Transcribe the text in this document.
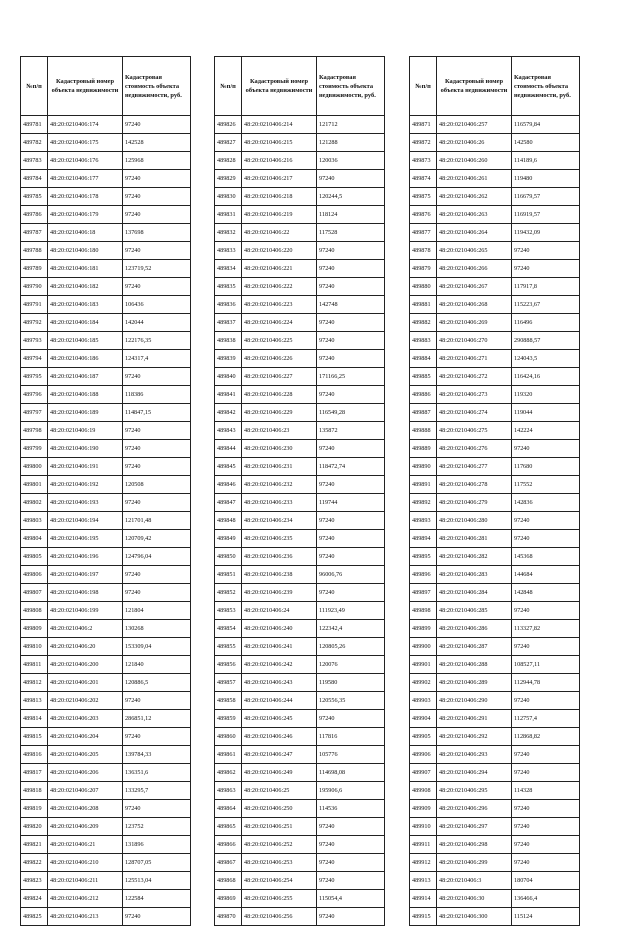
№п/п	Кадастровый номер объекта недвижимости	Кадастровая стоимость объекта недвижимости, руб.
489781	48:20:0210406:174	97240
489782	48:20:0210406:175	142528
489783	48:20:0210406:176	125968
489784	48:20:0210406:177	97240
489785	48:20:0210406:178	97240
489786	48:20:0210406:179	97240
489787	48:20:0210406:18	137698
489788	48:20:0210406:180	97240
489789	48:20:0210406:181	123719,52
489790	48:20:0210406:182	97240
489791	48:20:0210406:183	106436
489792	48:20:0210406:184	142044
489793	48:20:0210406:185	122176,35
489794	48:20:0210406:186	124317,4
489795	48:20:0210406:187	97240
489796	48:20:0210406:188	118386
489797	48:20:0210406:189	114847,15
489798	48:20:0210406:19	97240
489799	48:20:0210406:190	97240
489800	48:20:0210406:191	97240
489801	48:20:0210406:192	120508
489802	48:20:0210406:193	97240
489803	48:20:0210406:194	121701,48
489804	48:20:0210406:195	120709,42
489805	48:20:0210406:196	124796,04
489806	48:20:0210406:197	97240
489807	48:20:0210406:198	97240
489808	48:20:0210406:199	121804
489809	48:20:0210406:2	130268
489810	48:20:0210406:20	153309,04
489811	48:20:0210406:200	121840
489812	48:20:0210406:201	120886,5
489813	48:20:0210406:202	97240
489814	48:20:0210406:203	286851,12
489815	48:20:0210406:204	97240
489816	48:20:0210406:205	139784,33
489817	48:20:0210406:206	136351,6
489818	48:20:0210406:207	133295,7
489819	48:20:0210406:208	97240
489820	48:20:0210406:209	123752
489821	48:20:0210406:21	131896
489822	48:20:0210406:210	128707,05
489823	48:20:0210406:211	125513,04
489824	48:20:0210406:212	122584
489825	48:20:0210406:213	97240
№п/п	Кадастровый номер объекта недвижимости	Кадастровая стоимость объекта недвижимости, руб.
489826	48:20:0210406:214	121712
489827	48:20:0210406:215	121288
489828	48:20:0210406:216	120036
489829	48:20:0210406:217	97240
489830	48:20:0210406:218	120244,5
489831	48:20:0210406:219	118124
489832	48:20:0210406:22	117528
489833	48:20:0210406:220	97240
489834	48:20:0210406:221	97240
489835	48:20:0210406:222	97240
489836	48:20:0210406:223	142748
489837	48:20:0210406:224	97240
489838	48:20:0210406:225	97240
489839	48:20:0210406:226	97240
489840	48:20:0210406:227	171166,25
489841	48:20:0210406:228	97240
489842	48:20:0210406:229	116549,28
489843	48:20:0210406:23	135872
489844	48:20:0210406:230	97240
489845	48:20:0210406:231	118472,74
489846	48:20:0210406:232	97240
489847	48:20:0210406:233	119744
489848	48:20:0210406:234	97240
489849	48:20:0210406:235	97240
489850	48:20:0210406:236	97240
489851	48:20:0210406:238	96006,76
489852	48:20:0210406:239	97240
489853	48:20:0210406:24	111923,49
489854	48:20:0210406:240	122342,4
489855	48:20:0210406:241	120805,26
489856	48:20:0210406:242	120076
489857	48:20:0210406:243	119580
489858	48:20:0210406:244	120556,35
489859	48:20:0210406:245	97240
489860	48:20:0210406:246	117816
489861	48:20:0210406:247	105776
489862	48:20:0210406:249	114698,08
489863	48:20:0210406:25	195906,6
489864	48:20:0210406:250	114536
489865	48:20:0210406:251	97240
489866	48:20:0210406:252	97240
489867	48:20:0210406:253	97240
489868	48:20:0210406:254	97240
489869	48:20:0210406:255	115054,4
489870	48:20:0210406:256	97240
№п/п	Кадастровый номер объекта недвижимости	Кадастровая стоимость объекта недвижимости, руб.
489871	48:20:0210406:257	116579,84
489872	48:20:0210406:26	142580
489873	48:20:0210406:260	114189,6
489874	48:20:0210406:261	119480
489875	48:20:0210406:262	116679,57
489876	48:20:0210406:263	116919,57
489877	48:20:0210406:264	119432,09
489878	48:20:0210406:265	97240
489879	48:20:0210406:266	97240
489880	48:20:0210406:267	117917,8
489881	48:20:0210406:268	115223,67
489882	48:20:0210406:269	116496
489883	48:20:0210406:270	290888,57
489884	48:20:0210406:271	124043,5
489885	48:20:0210406:272	116424,16
489886	48:20:0210406:273	119320
489887	48:20:0210406:274	119044
489888	48:20:0210406:275	142224
489889	48:20:0210406:276	97240
489890	48:20:0210406:277	117680
489891	48:20:0210406:278	117552
489892	48:20:0210406:279	142836
489893	48:20:0210406:280	97240
489894	48:20:0210406:281	97240
489895	48:20:0210406:282	145368
489896	48:20:0210406:283	144684
489897	48:20:0210406:284	142848
489898	48:20:0210406:285	97240
489899	48:20:0210406:286	113327,82
489900	48:20:0210406:287	97240
489901	48:20:0210406:288	108527,11
489902	48:20:0210406:289	112944,78
489903	48:20:0210406:290	97240
489904	48:20:0210406:291	112757,4
489905	48:20:0210406:292	112868,82
489906	48:20:0210406:293	97240
489907	48:20:0210406:294	97240
489908	48:20:0210406:295	114328
489909	48:20:0210406:296	97240
489910	48:20:0210406:297	97240
489911	48:20:0210406:298	97240
489912	48:20:0210406:299	97240
489913	48:20:0210406:3	180704
489914	48:20:0210406:30	136466,4
489915	48:20:0210406:300	115124
